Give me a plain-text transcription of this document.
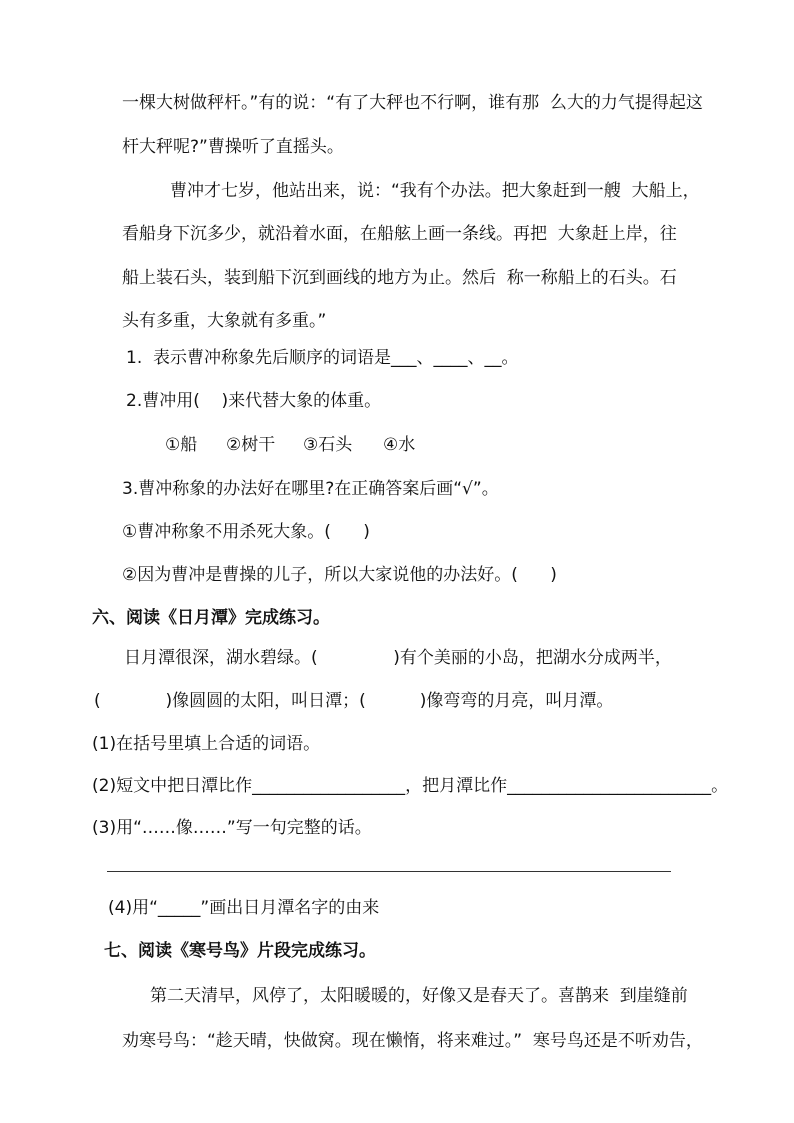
一棵大树做秤杆。”有的说：“有了大秤也不行啊，谁有那  么大的力气提得起这
杆大秤呢?”曹操听了直摇头。
曹冲才七岁，他站出来，说：“我有个办法。把大象赶到一艘  大船上，
看船身下沉多少，就沿着水面，在船舷上画一条线。再把  大象赶上岸，往
船上装石头，装到船下沉到画线的地方为止。然后  称一称船上的石头。石
头有多重，大象就有多重。”
1.  表示曹冲称象先后顺序的词语是___、____、__。
2.曹冲用(    )来代替大象的体重。
①船 ②树干 ③石头 ④水
3.曹冲称象的办法好在哪里?在正确答案后画“√”。
①曹冲称象不用杀死大象。(      )
②因为曹冲是曹操的儿子，所以大家说他的办法好。(      )
六、阅读《日月潭》完成练习。
日月潭很深，湖水碧绿。(              )有个美丽的小岛，把湖水分成两半，
(            )像圆圆的太阳，叫日潭；(          )像弯弯的月亮，叫月潭。
(1)在括号里填上合适的词语。
(2)短文中把日潭比作__________________，把月潭比作________________________。
(3)用“……像……”写一句完整的话。
(4)用“_____”画出日月潭名字的由来
七、阅读《寒号鸟》片段完成练习。
第二天清早，风停了，太阳暖暖的，好像又是春天了。喜鹊来  到崖缝前
劝寒号鸟：“趁天晴，快做窝。现在懒惰，将来难过。”  寒号鸟还是不听劝告，
